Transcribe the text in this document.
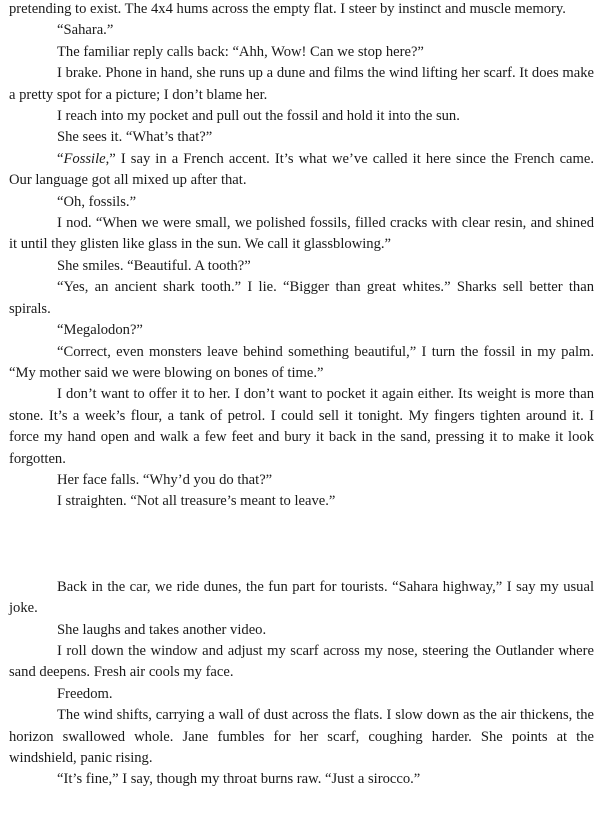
pretending to exist. The 4x4 hums across the empty flat. I steer by instinct and muscle memory.

“Sahara.”

The familiar reply calls back: “Ahh, Wow! Can we stop here?”

I brake. Phone in hand, she runs up a dune and films the wind lifting her scarf. It does make a pretty spot for a picture; I don’t blame her.

I reach into my pocket and pull out the fossil and hold it into the sun.

She sees it. “What’s that?”

“Fossile,” I say in a French accent. It’s what we’ve called it here since the French came. Our language got all mixed up after that.

“Oh, fossils.”

I nod. “When we were small, we polished fossils, filled cracks with clear resin, and shined it until they glisten like glass in the sun. We call it glassblowing.”

She smiles. “Beautiful. A tooth?”

“Yes, an ancient shark tooth.” I lie. “Bigger than great whites.” Sharks sell better than spirals.

“Megalodon?”

“Correct, even monsters leave behind something beautiful,” I turn the fossil in my palm. “My mother said we were blowing on bones of time.”

I don’t want to offer it to her. I don’t want to pocket it again either. Its weight is more than stone. It’s a week’s flour, a tank of petrol. I could sell it tonight. My fingers tighten around it. I force my hand open and walk a few feet and bury it back in the sand, pressing it to make it look forgotten.

Her face falls. “Why’d you do that?”

I straighten. “Not all treasure’s meant to leave.”

Back in the car, we ride dunes, the fun part for tourists. “Sahara highway,” I say my usual joke.

She laughs and takes another video.

I roll down the window and adjust my scarf across my nose, steering the Outlander where sand deepens. Fresh air cools my face.

Freedom.

The wind shifts, carrying a wall of dust across the flats. I slow down as the air thickens, the horizon swallowed whole. Jane fumbles for her scarf, coughing harder. She points at the windshield, panic rising.

“It’s fine,” I say, though my throat burns raw. “Just a sirocco.”
